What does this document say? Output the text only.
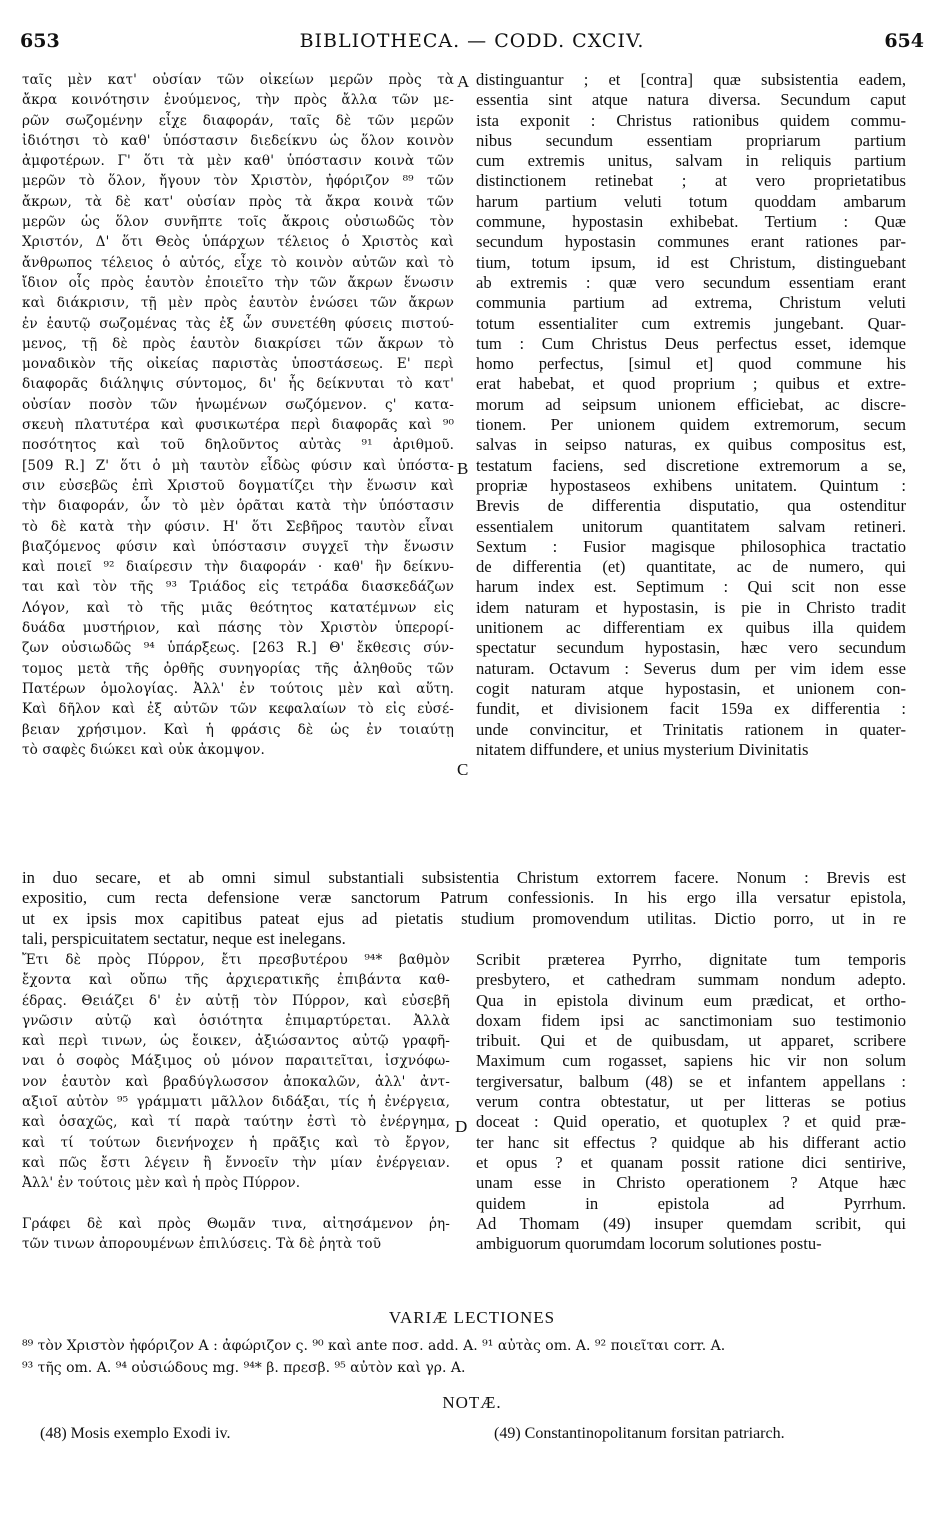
653	BIBLIOTHECA. — CODD. CXCIV.	654
ταῖς μὲν κατ' οὐσίαν τῶν οἰκείων μερῶν πρὸς τὰ
ἄκρα κοινότησιν ἑνούμενος, τὴν πρὸς ἄλλα τῶν με-
ρῶν σωζομένην εἶχε διαφοράν, ταῖς δὲ τῶν μερῶν
ἰδιότησι τὸ καθ' ὑπόστασιν διεδείκνυ ὡς ὅλον κοινὸν
ἀμφοτέρων. Γ' ὅτι τὰ μὲν καθ' ὑπόστασιν κοινὰ τῶν
μερῶν τὸ ὅλον, ἤγουν τὸν Χριστὸν, ἠφόριζον ⁸⁹ τῶν
ἄκρων, τὰ δὲ κατ' οὐσίαν πρὸς τὰ ἄκρα κοινὰ τῶν
μερῶν ὡς ὅλον συνῆπτε τοῖς ἄκροις οὐσιωδῶς τὸν
Χριστόν, Δ' ὅτι Θεὸς ὑπάρχων τέλειος ὁ Χριστὸς καὶ
ἄνθρωπος τέλειος ὁ αὐτός, εἶχε τὸ κοινὸν αὐτῶν καὶ τὸ
ἴδιον οἷς πρὸς ἑαυτὸν ἐποιεῖτο τὴν τῶν ἄκρων ἕνωσιν
καὶ διάκρισιν, τῇ μὲν πρὸς ἑαυτὸν ἑνώσει τῶν ἄκρων
ἐν ἑαυτῷ σωζομένας τὰς ἐξ ὧν συνετέθη φύσεις πιστού-
μενος, τῇ δὲ πρὸς ἑαυτὸν διακρίσει τῶν ἄκρων τὸ
μοναδικὸν τῆς οἰκείας παριστὰς ὑποστάσεως. Ε' περὶ
διαφορᾶς διάληψις σύντομος, δι' ἧς δείκνυται τὸ κατ'
οὐσίαν ποσὸν τῶν ἡνωμένων σωζόμενον. ς' κατα-
σκευὴ πλατυτέρα καὶ φυσικωτέρα περὶ διαφορᾶς καὶ ⁹⁰
ποσότητος καὶ τοῦ δηλοῦντος αὐτὰς ⁹¹ ἀριθμοῦ.
[509 R.] Ζ' ὅτι ὁ μὴ ταυτὸν εἶδὼς φύσιν καὶ ὑπόστα-
σιν εὐσεβῶς ἐπὶ Χριστοῦ δογματίζει τὴν ἕνωσιν καὶ
τὴν διαφοράν, ὧν τὸ μὲν ὁρᾶται κατὰ τὴν ὑπόστασιν
τὸ δὲ κατὰ τὴν φύσιν. Η' ὅτι Σεβῆρος ταυτὸν εἶναι
βιαζόμενος φύσιν καὶ ὑπόστασιν συγχεῖ τὴν ἕνωσιν
καὶ ποιεῖ ⁹² διαίρεσιν τὴν διαφοράν · καθ' ἣν δείκνυ-
ται καὶ τὸν τῆς ⁹³ Τριάδος εἰς τετράδα διασκεδάζων
Λόγον, καὶ τὸ τῆς μιᾶς θεότητος κατατέμνων εἰς
δυάδα μυστήριον, καὶ πάσης τὸν Χριστὸν ὑπερορί-
ζων οὐσιωδῶς ⁹⁴ ὑπάρξεως. [263 R.] Θ' ἔκθεσις σύν-
τομος μετὰ τῆς ὀρθῆς συνηγορίας τῆς ἀληθοῦς τῶν
Πατέρων ὁμολογίας. Ἀλλ' ἐν τούτοις μὲν καὶ αὕτη.
Καὶ δῆλον καὶ ἐξ αὐτῶν τῶν κεφαλαίων τὸ εἰς εὐσέ-
βειαν χρήσιμον. Καὶ ἡ φράσις δὲ ὡς ἐν τοιαύτῃ
τὸ σαφὲς διώκει καὶ οὐκ ἀκομψον.
distinguantur ; et [contra] quæ subsistentia eadem,
essentia sint atque natura diversa. Secundum caput
ista exponit : Christus rationibus quidem commu-
nibus secundum essentiam propriarum partium
cum extremis unitus, salvam in reliquis partium
distinctionem retinebat ; at vero proprietatibus
harum partium veluti totum quoddam ambarum
commune, hypostasin exhibebat. Tertium : Quæ
secundum hypostasin communes erant rationes par-
tium, totum ipsum, id est Christum, distinguebant
ab extremis : quæ vero secundum essentiam erant
communia partium ad extrema, Christum veluti
totum essentialiter cum extremis jungebant. Quar-
tum : Cum Christus Deus perfectus esset, idemque
homo perfectus, [simul et] quod commune his
erat habebat, et quod proprium ; quibus et extre-
morum ad seipsum unionem efficiebat, ac discre-
tionem. Per unionem quidem extremorum, secum
salvas in seipso naturas, ex quibus compositus est,
testatum faciens, sed discretione extremorum a se,
propriæ hypostaseos exhibens unitatem. Quintum :
Brevis de differentia disputatio, qua ostenditur
essentialem unitorum quantitatem salvam retineri.
Sextum : Fusior magisque philosophica tractatio
de differentia (et) quantitate, ac de numero, qui
harum index est. Septimum : Qui scit non esse
idem naturam et hypostasin, is pie in Christo tradit
unitionem ac differentiam ex quibus illa quidem
spectatur secundum hypostasin, hæc vero secundum
naturam. Octavum : Severus dum per vim idem esse
cogit naturam atque hypostasin, et unionem con-
fundit, et divisionem facit 159a ex differentia :
unde convincitur, et Trinitatis rationem in quater-
nitatem diffundere, et unius mysterium Divinitatis
A
B
C
D
in duo secare, et ab omni simul substantiali subsistentia Christum extorrem facere. Nonum : Brevis est
expositio, cum recta defensione veræ sanctorum Patrum confessionis. In his ergo illa versatur epistola,
ut ex ipsis mox capitibus pateat ejus ad pietatis studium promovendum utilitas. Dictio porro, ut in re
tali, perspicuitatem sectatur, neque est inelegans.
Ἔτι δὲ πρὸς Πύρρον, ἔτι πρεσβυτέρου ⁹⁴* βαθμὸν
ἔχοντα καὶ οὔπω τῆς ἀρχιερατικῆς ἐπιβάντα καθ-
έδρας. Θειάζει δ' ἐν αὐτῇ τὸν Πύρρον, καὶ εὐσεβῆ
γνῶσιν αὐτῷ καὶ ὁσιότητα ἐπιμαρτύρεται. Ἀλλὰ
καὶ περὶ τινων, ὡς ἔοικεν, ἀξιώσαντος αὐτῷ γραφῆ-
ναι ὁ σοφὸς Μάξιμος οὐ μόνον παραιτεῖται, ἰσχνόφω-
νον ἑαυτὸν καὶ βραδύγλωσσον ἀποκαλῶν, ἀλλ' ἀντ-
αξιοῖ αὐτὸν ⁹⁵ γράμματι μᾶλλον διδάξαι, τίς ἡ ἐνέργεια,
καὶ ὁσαχῶς, καὶ τί παρὰ ταύτην ἐστὶ τὸ ἐνέργημα,
καὶ τί τούτων διενήνοχεν ἡ πρᾶξις καὶ τὸ ἔργον,
καὶ πῶς ἔστι λέγειν ἢ ἔννοεῖν τὴν μίαν ἐνέργειαν.
Ἀλλ' ἐν τούτοις μὲν καὶ ἡ πρὸς Πύρρον.

Γράφει δὲ καὶ πρὸς Θωμᾶν τινα, αἰτησάμενον ῥη-
τῶν τινων ἀπορουμένων ἐπιλύσεις. Τὰ δὲ ῥητὰ τοῦ
Scribit præterea Pyrrho, dignitate tum temporis
presbytero, et cathedram summam nondum adepto.
Qua in epistola divinum eum prædicat, et ortho-
doxam fidem ipsi ac sanctimoniam suo testimonio
tribuit. Qui et de quibusdam, ut apparet, scribere
Maximum cum rogasset, sapiens hic vir non solum
tergiversatur, balbum (48) se et infantem appellans :
verum contra obtestatur, ut per litteras se potius
doceat : Quid operatio, et quotuplex ? et quid præ-
ter hanc sit effectus ? quidque ab his differant actio
et opus ? et quanam possit ratione dici sentirive,
unam esse in Christo operationem ? Atque hæc
quidem in epistola ad Pyrrhum.
Ad Thomam (49) insuper quemdam scribit, qui
ambiguorum quorumdam locorum solutiones postu-
VARIÆ LECTIONES
⁸⁹ τὸν Χριστὸν ἠφόριζον A : ἀφώριζον ς. ⁹⁰ καὶ ante ποσ. add. A. ⁹¹ αὐτὰς om. A. ⁹² ποιεῖται corr. A.
⁹³ τῆς om. A. ⁹⁴ οὐσιώδους mg. ⁹⁴* β. πρεσβ. ⁹⁵ αὐτὸν καὶ γρ. A.
NOTÆ.
(48) Mosis exemplo Exodi iv.	(49) Constantinopolitanum forsitan patriarch.
